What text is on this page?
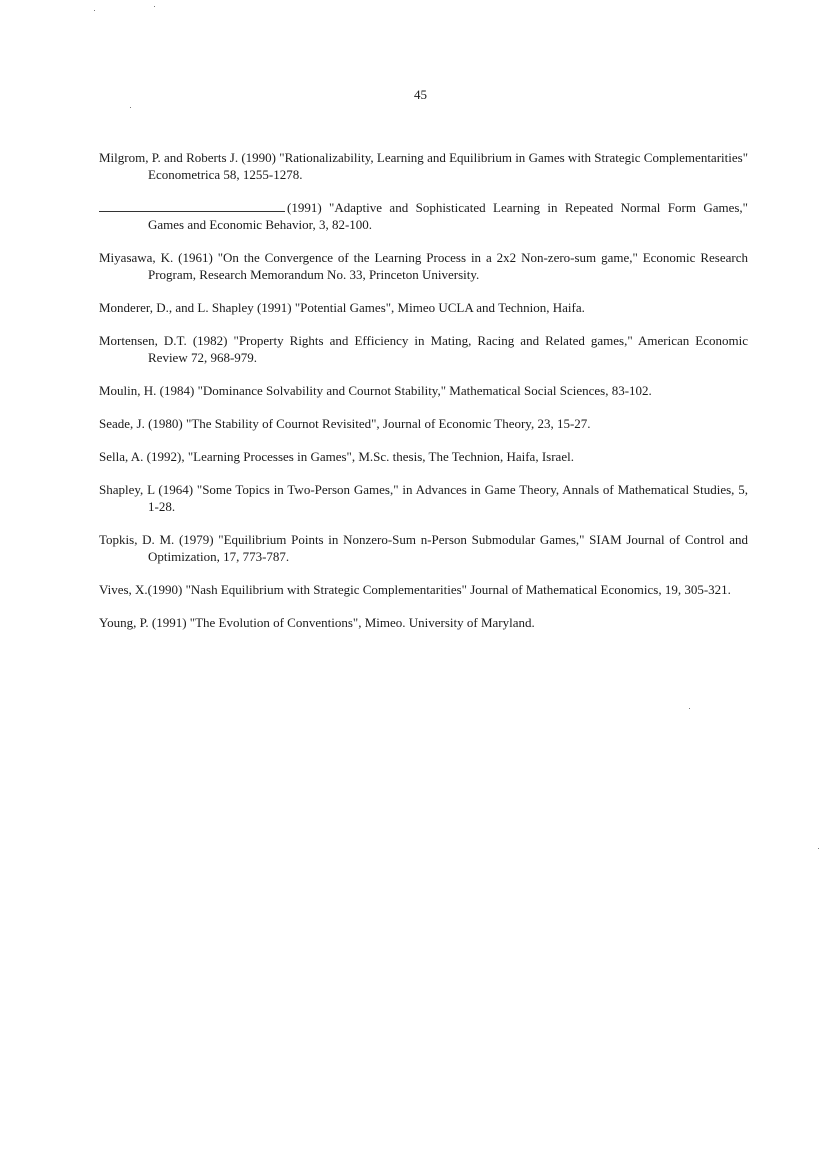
45
Milgrom, P. and Roberts J. (1990) "Rationalizability, Learning and Equilibrium in Games with Strategic Complementarities" Econometrica 58, 1255-1278.
(1991) "Adaptive and Sophisticated Learning in Repeated Normal Form Games," Games and Economic Behavior, 3, 82-100.
Miyasawa, K. (1961) "On the Convergence of the Learning Process in a 2x2 Non-zero-sum game," Economic Research Program, Research Memorandum No. 33, Princeton University.
Monderer, D., and L. Shapley (1991) "Potential Games", Mimeo UCLA and Technion, Haifa.
Mortensen, D.T. (1982) "Property Rights and Efficiency in Mating, Racing and Related games," American Economic Review 72, 968-979.
Moulin, H. (1984) "Dominance Solvability and Cournot Stability," Mathematical Social Sciences, 83-102.
Seade, J. (1980) "The Stability of Cournot Revisited", Journal of Economic Theory, 23, 15-27.
Sella, A. (1992), "Learning Processes in Games", M.Sc. thesis, The Technion, Haifa, Israel.
Shapley, L (1964) "Some Topics in Two-Person Games," in Advances in Game Theory, Annals of Mathematical Studies, 5, 1-28.
Topkis, D. M. (1979) "Equilibrium Points in Nonzero-Sum n-Person Submodular Games," SIAM Journal of Control and Optimization, 17, 773-787.
Vives, X.(1990) "Nash Equilibrium with Strategic Complementarities" Journal of Mathematical Economics, 19, 305-321.
Young, P. (1991) "The Evolution of Conventions", Mimeo. University of Maryland.
